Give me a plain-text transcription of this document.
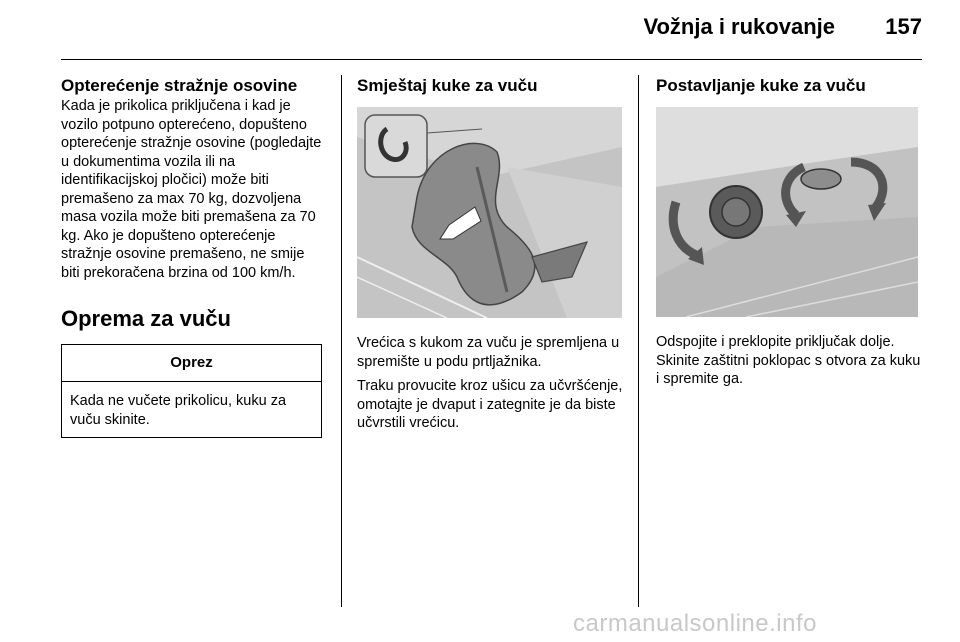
Vožnja i rukovanje 157
Opterećenje stražnje osovine

Kada je prikolica priključena i kad je vozilo potpuno opterećeno, dopušteno opterećenje stražnje osovine (pogledajte u dokumentima vozila ili na identifikacijskoj pločici) može biti premašeno za max 70 kg, dozvoljena masa vozila može biti premašena za 70 kg. Ako je dopušteno opterećenje stražnje osovine premašeno, ne smije biti prekoračena brzina od 100 km/h.

Oprema za vuču
Oprez
Kada ne vučete prikolicu, kuku za vuču skinite.
Smještaj kuke za vuču

Vrećica s kukom za vuču je spremljena u spremište u podu prtljažnika.

Traku provucite kroz ušicu za učvršćenje, omotajte je dvaput i zategnite je da biste učvrstili vrećicu.

Postavljanje kuke za vuču

Odspojite i preklopite priključak dolje. Skinite zaštitni poklopac s otvora za kuku i spremite ga.

carmanualsonline.info
